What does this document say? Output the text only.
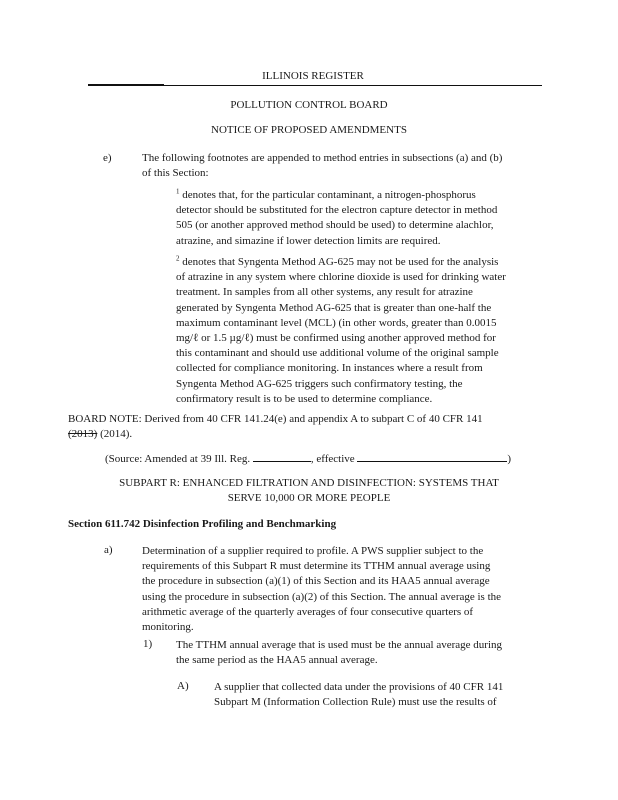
ILLINOIS REGISTER
POLLUTION CONTROL BOARD
NOTICE OF PROPOSED AMENDMENTS
e)	The following footnotes are appended to method entries in subsections (a) and (b)
of this Section:
$^1$ denotes that, for the particular contaminant, a nitrogen-phosphorus
detector should be substituted for the electron capture detector in method
505 (or another approved method should be used) to determine alachlor,
atrazine, and simazine if lower detection limits are required.
$^2$ denotes that Syngenta Method AG-625 may not be used for the analysis
of atrazine in any system where chlorine dioxide is used for drinking water
treatment. In samples from all other systems, any result for atrazine
generated by Syngenta Method AG-625 that is greater than one-half the
maximum contaminant level (MCL) (in other words, greater than 0.0015
mg/ℓ or 1.5 µg/ℓ) must be confirmed using another approved method for
this contaminant and should use additional volume of the original sample
collected for compliance monitoring. In instances where a result from
Syngenta Method AG-625 triggers such confirmatory testing, the
confirmatory result is to be used to determine compliance.
BOARD NOTE: Derived from 40 CFR 141.24(e) and appendix A to subpart C of 40 CFR 141
(2013) (2014).
(Source: Amended at 39 Ill. Reg.	, effective	)
SUBPART R: ENHANCED FILTRATION AND DISINFECTION: SYSTEMS THAT
SERVE 10,000 OR MORE PEOPLE
Section 611.742 Disinfection Profiling and Benchmarking
a)	Determination of a supplier required to profile. A PWS supplier subject to the
requirements of this Subpart R must determine its TTHM annual average using
the procedure in subsection (a)(1) of this Section and its HAA5 annual average
using the procedure in subsection (a)(2) of this Section. The annual average is the
arithmetic average of the quarterly averages of four consecutive quarters of
monitoring.
1) The TTHM annual average that is used must be the annual average during
the same period as the HAA5 annual average.
A) A supplier that collected data under the provisions of 40 CFR 141
Subpart M (Information Collection Rule) must use the results of
